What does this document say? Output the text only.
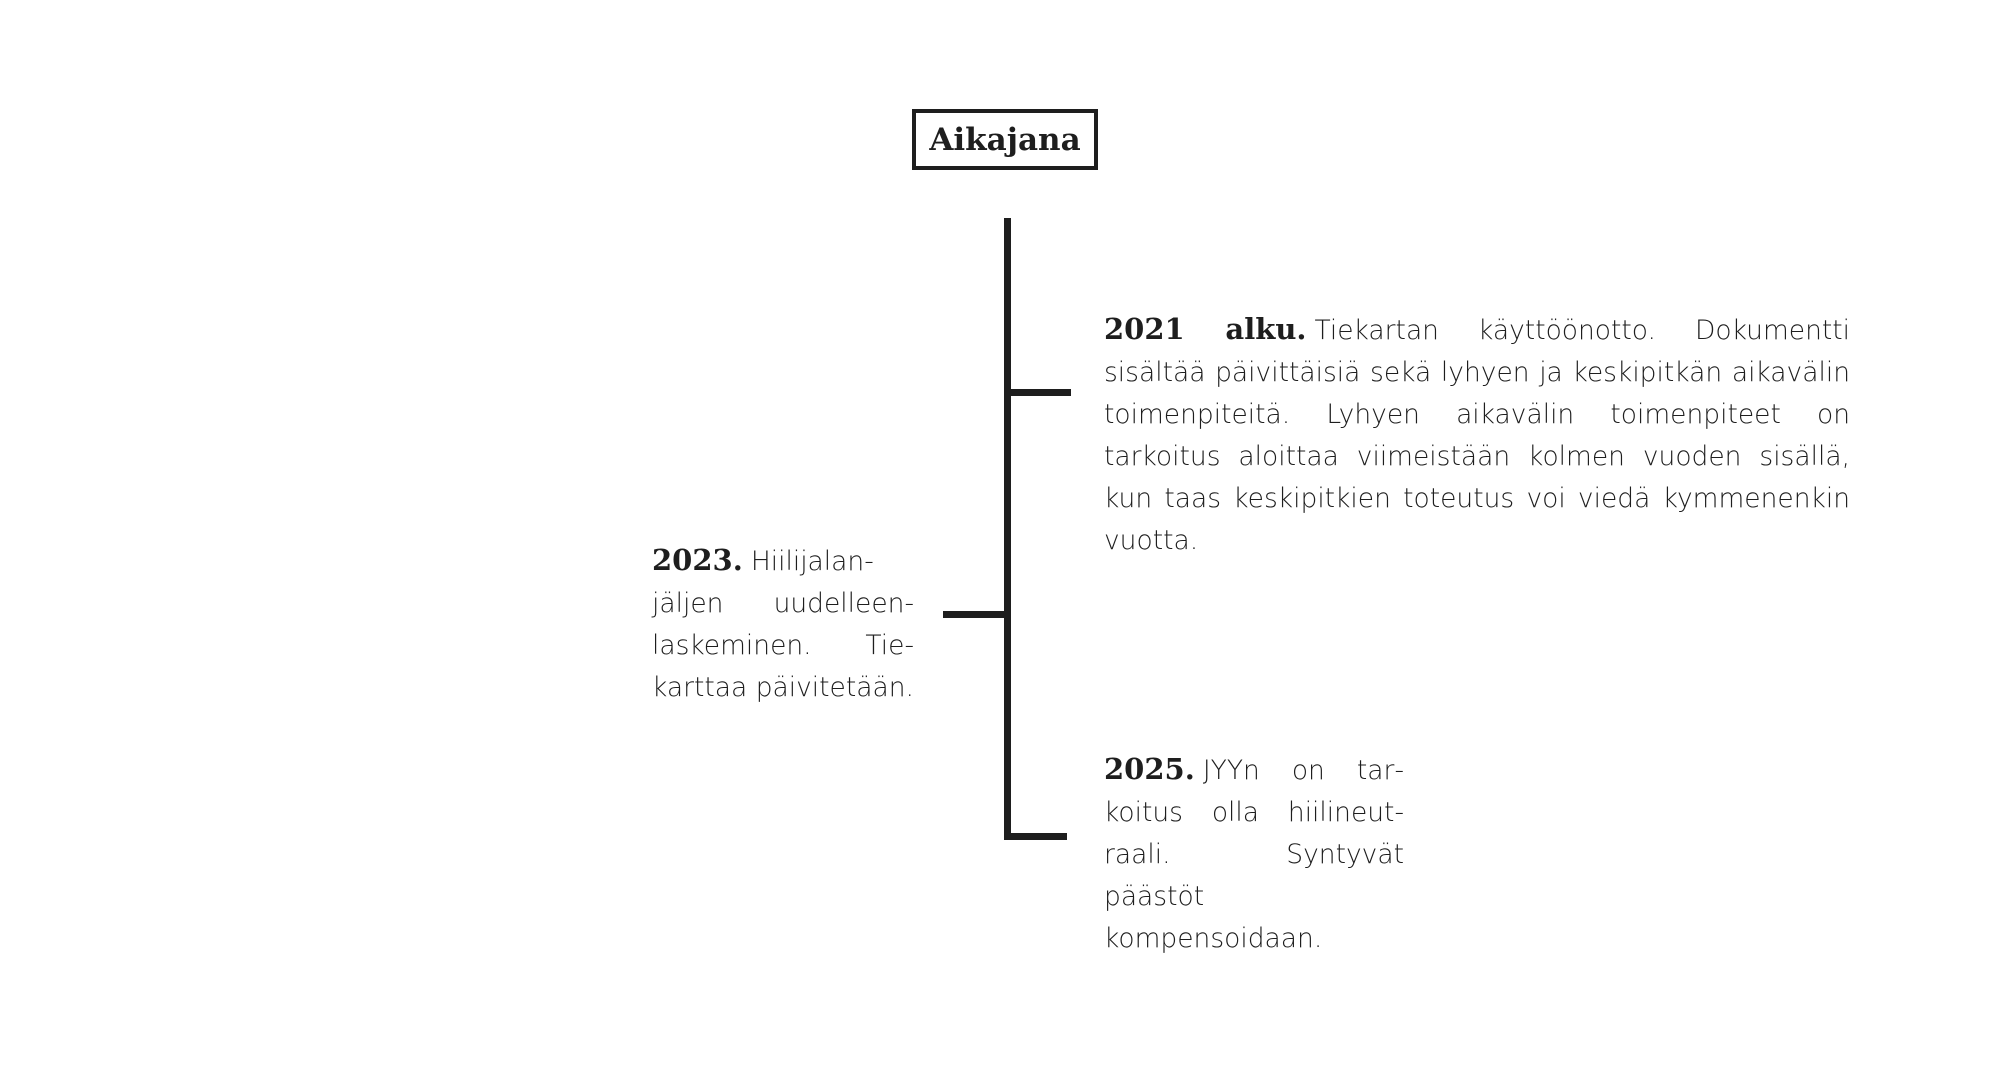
Aikajana
2021 alku. Tiekartan käyttöönotto. Dokumentti sisältää päivittäisiä sekä lyhyen ja keskipitkän aikavälin toimenpiteitä. Lyhyen aikavälin toimenpiteet on tarkoitus aloittaa viimeistään kolmen vuoden sisällä, kun taas keskipitkien toteutus voi viedä kymmenenkin vuotta.
2023. Hiilijalanjäljen uudelleenlaskeminen. Tiekarttaa päivitetään.
2025. JYYn on tarkoitus olla hiilineutraali. Syntyvät päästöt kompensoidaan.
